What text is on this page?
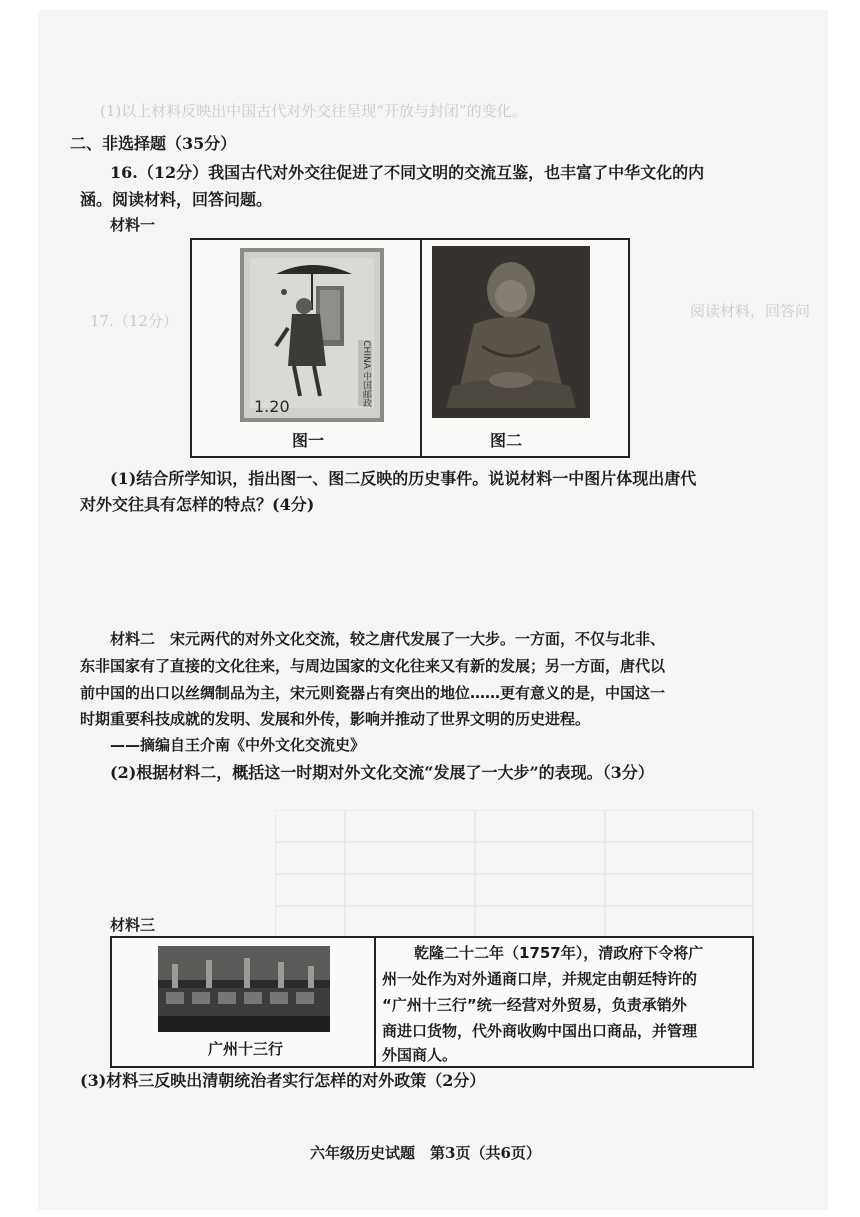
(1)以上材料反映出中国古代对外交往呈现“开放与封闭”的变化。
阅读材料，回答问
17.（12分）
二、非选择题（35分）
16.（12分）我国古代对外交往促进了不同文明的交流互鉴，也丰富了中华文化的内
涵。阅读材料，回答问题。
材料一
CHINA 中国邮政
1.20
图一	图二
(1)结合所学知识，指出图一、图二反映的历史事件。说说材料一中图片体现出唐代
对外交往具有怎样的特点？(4分)
材料二　宋元两代的对外文化交流，较之唐代发展了一大步。一方面，不仅与北非、
东非国家有了直接的文化往来，与周边国家的文化往来又有新的发展；另一方面，唐代以
前中国的出口以丝绸制品为主，宋元则瓷器占有突出的地位……更有意义的是，中国这一
时期重要科技成就的发明、发展和外传，影响并推动了世界文明的历史进程。
——摘编自王介南《中外文化交流史》
(2)根据材料二，概括这一时期对外文化交流“发展了一大步”的表现。（3分）
材料三
广州十三行
乾隆二十二年（1757年），清政府下令将广
州一处作为对外通商口岸，并规定由朝廷特许的
“广州十三行”统一经营对外贸易，负责承销外
商进口货物，代外商收购中国出口商品，并管理
外国商人。
(3)材料三反映出清朝统治者实行怎样的对外政策（2分）
六年级历史试题　第3页（共6页）
